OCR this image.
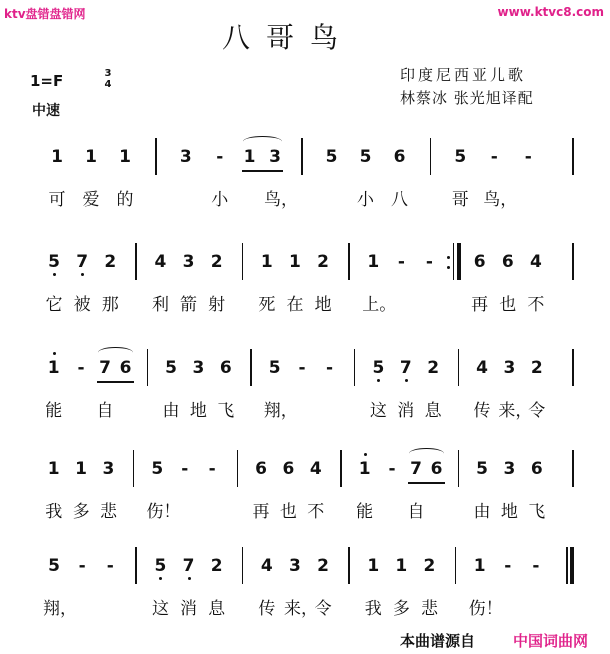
ktv盘错盘错网	www.ktvc8.com
八哥鸟
印度尼西亚儿歌
林蔡冰 张光旭译配
1=F	3
4
中速
1 1 1	3	-	1 3	5 5 6	5	-	-
可 爱 的	小 鸟，	小 八	哥 鸟，
5 7 2 4 3 2 1 1 2 1	-	-	6 6 4
它 被 那 利 箭 射 死 在 地 上。	再 也 不
1	- 7 6 5 3 6 5	-	-	5 7 2 4 3 2
能 自	由 地 飞 翔，	这 消 息 传 来，
令
1 1 3 5	-	-	6 6 4 1	- 7 6 5 3 6
我 多 悲 伤！	再 也 不 能 自	由 地 飞
5	-	-	5 7 2 4 3 2 1 1 2 1	-	-
翔，	这 消 息 传 来，
令 我 多 悲 伤！
本曲谱源自	中国词曲网
